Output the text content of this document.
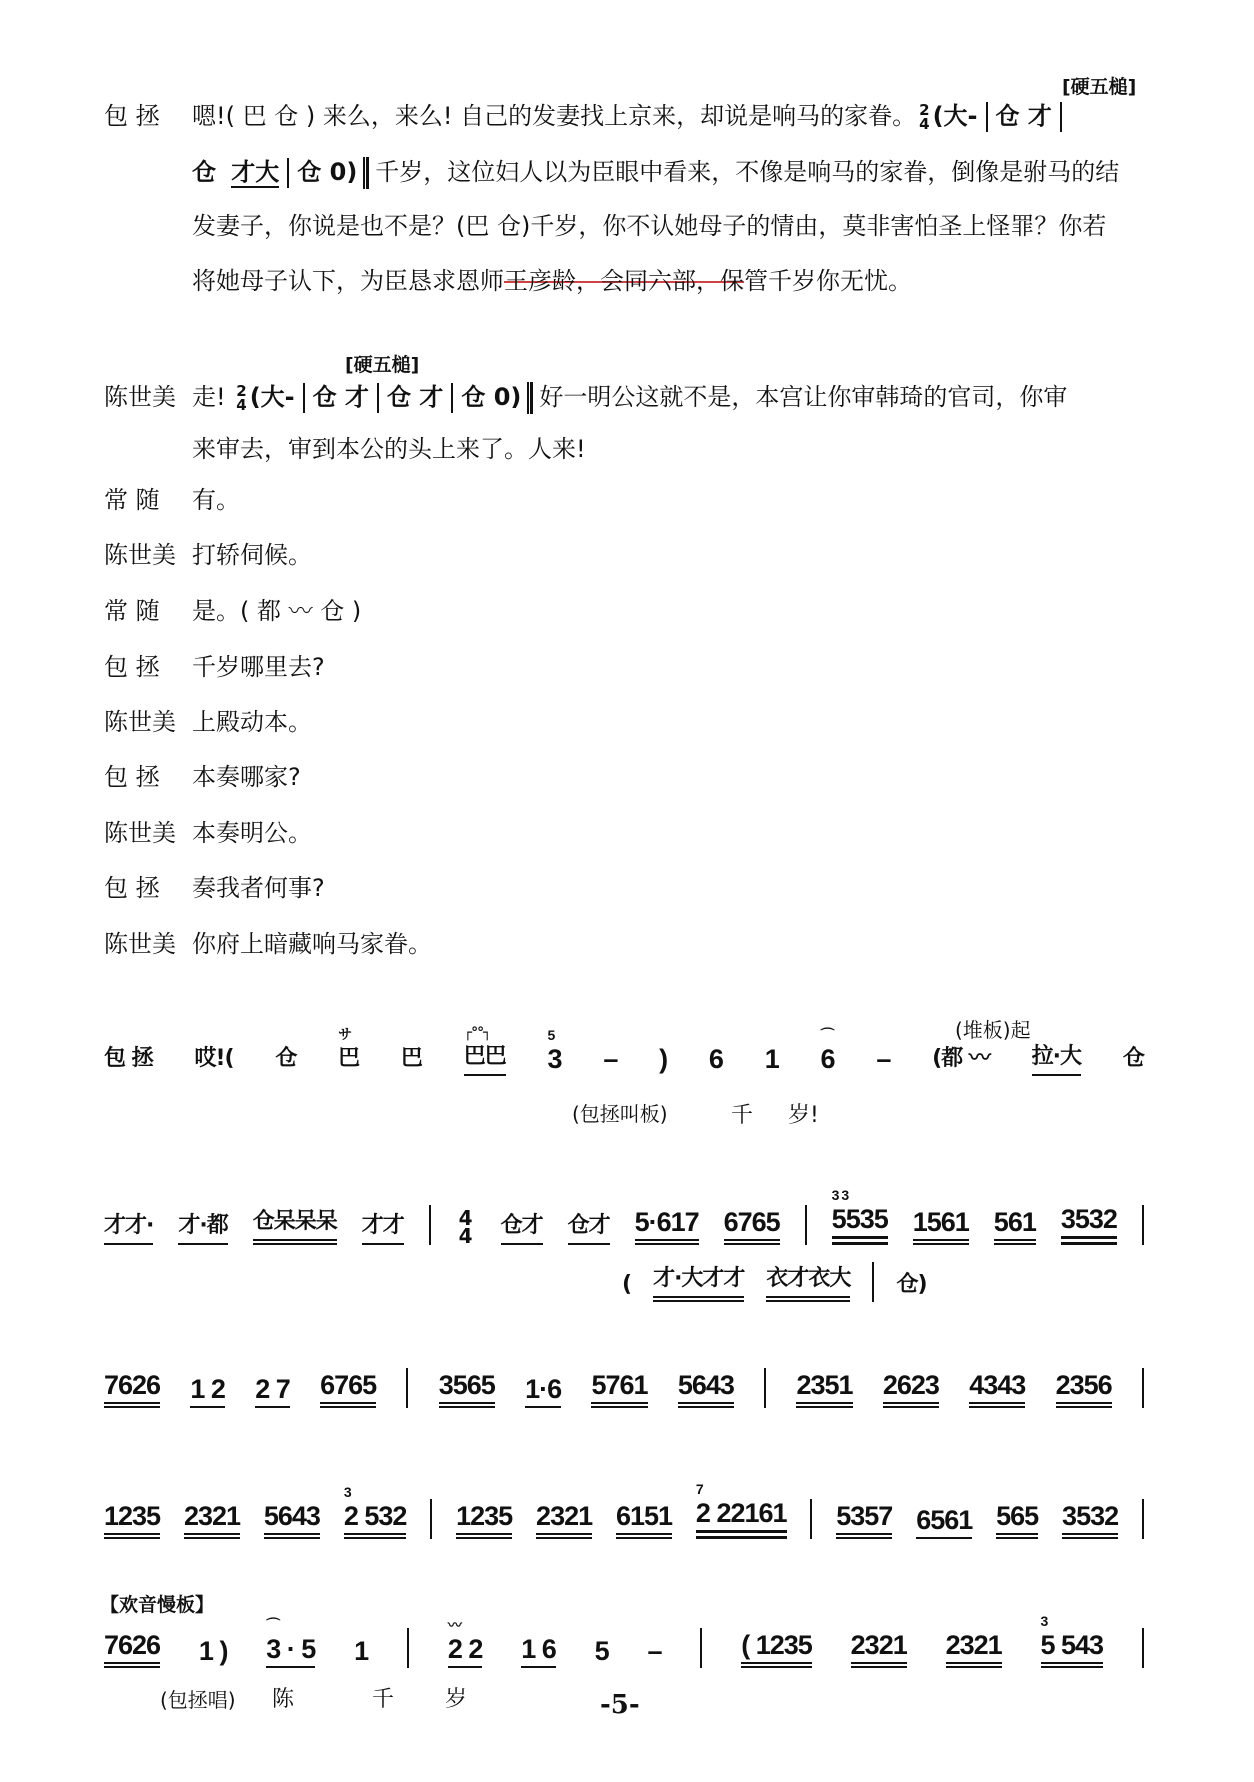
[硬五槌]
包 拯	嗯!( 巴 仓 ) 来么，来么! 自己的发妻找上京来，却说是响马的家眷。 2
4 (大- 仓 才
仓 才大 仓 0) 千岁，这位妇人以为臣眼中看来，不像是响马的家眷，倒像是驸马的结
发妻子，你说是也不是？(巴 仓)千岁，你不认她母子的情由，莫非害怕圣上怪罪？你若
将她母子认下，为臣恳求恩师王彦龄，会同六部，保管千岁你无忧。
[硬五槌]
陈世美 走! 2
4 (大- 仓 才 仓 才 仓 0) 好一明公这就不是，本宫让你审韩琦的官司，你审
来审去，审到本公的头上来了。人来!
常 随	有。
陈世美 打轿伺候。
常 随	是。( 都 〰 仓 )
包 拯	千岁哪里去?
陈世美 上殿动本。
包 拯	本奏哪家?
陈世美 本奏明公。
包 拯	奏我者何事?
陈世美 你府上暗藏响马家眷。
(堆板)起
包 拯 哎!( 仓 巴
サ
巴 巴巴
┌°°┐
3
5
– ) 6 1 6
⌒
– (都 〰 拉·大 仓
(包拯叫板)	千 岁!
才才· 才·都 仓呆呆呆 才才	4
4 仓才 仓才 5·617 6765 5535
3 3
1561 561 3532
( 才·大才才 衣才衣大 仓)
7626 1 2 2 7 6765 3565 1·6 5761 5643 2351 2623 4343 2356
1235 2321 5643 2 532
3
1235 2321 6151 2 22161
7
5357 6561 565 3532
【欢音慢板】
7626 1 ) 3 · 5
⌒
1	2 2
〰
1 6 5 –	( 1235 2321 2321 5 543
3
(包拯唱) 陈	千 岁	-5-
